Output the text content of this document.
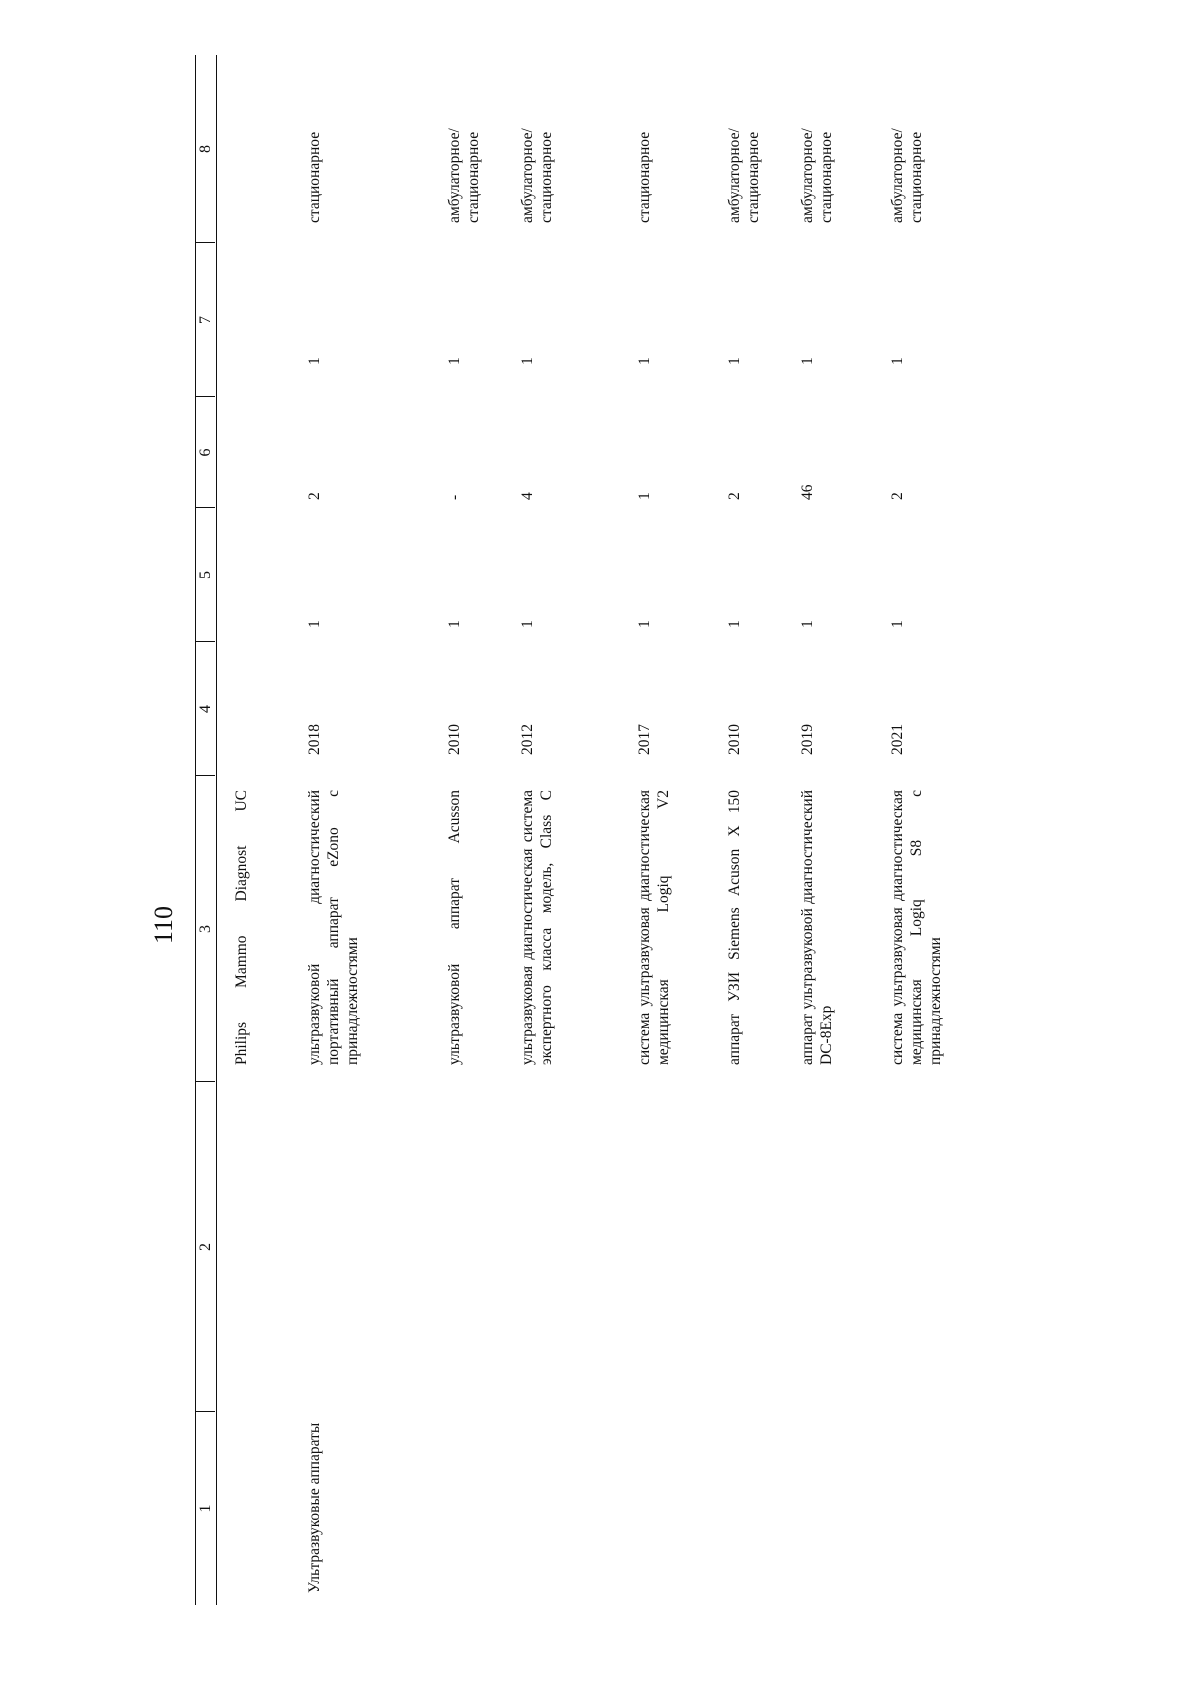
110
1
2
3
4
5
6
7
8
Ультразвуковые аппараты
Philips Mammo Diagnost UC	ультразвуковой диагностический портативный аппарат eZono с принадлежностями
2018
1
2
1
стационарное
ультразвуковой аппарат Acusson
2010
1
-
1
амбулаторное/ стационарное
ультразвуковая диагностическая система экспертного класса модель, Class C
2012
1
4
1
амбулаторное/ стационарное
система ультразвуковая диагностическая медицинская Logiq V2
2017
1
1
1
стационарное
аппарат УЗИ Siemens Acuson X 150
2010
1
2
1
амбулаторное/ стационарное
аппарат ультразвуковой диагностический DC-8Exp
2019
1
46
1
амбулаторное/ стационарное
система ультразвуковая диагностическая медицинская Logiq S8 с принадлежностями
2021
1
2
1
амбулаторное/ стационарное
